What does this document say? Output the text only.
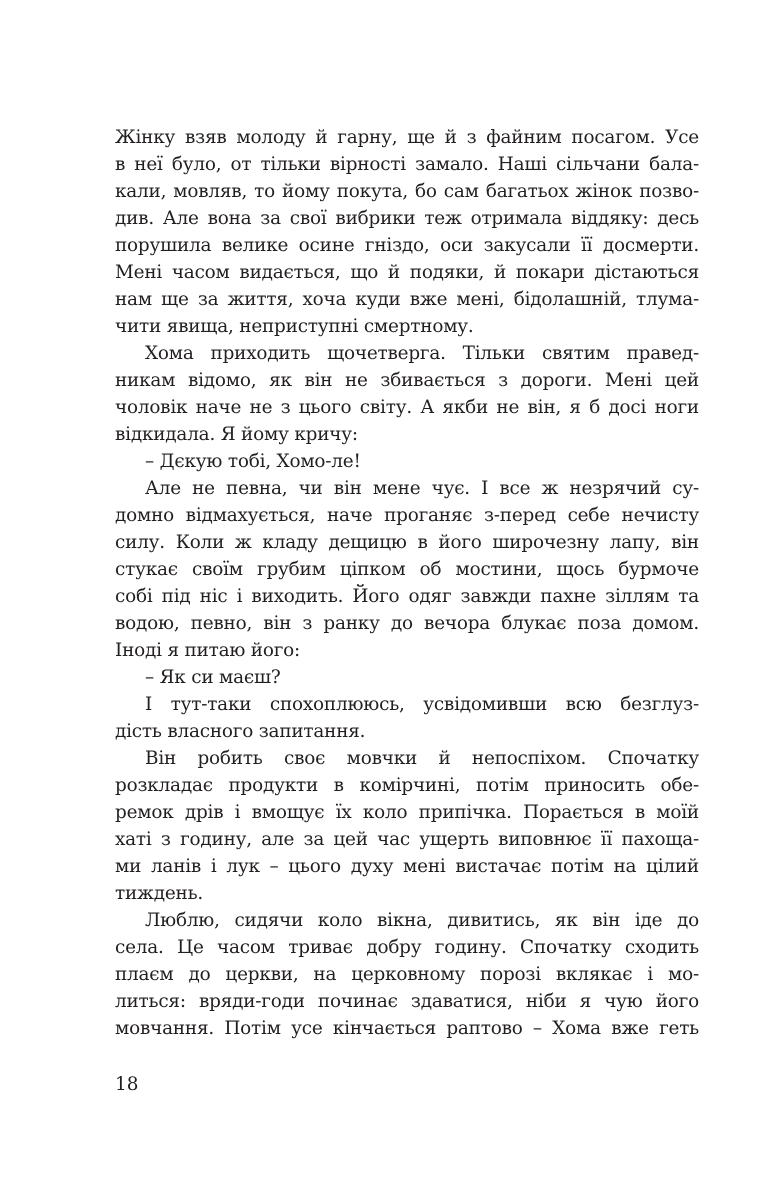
Жінку взяв молоду й гарну, ще й з файним посагом. Усе
в неї було, от тільки вірності замало. Наші сільчани бала-
кали, мовляв, то йому покута, бо сам багатьох жінок позво-
див. Але вона за свої вибрики теж отримала віддяку: десь
порушила велике осине гніздо, оси закусали її досмерти.
Мені часом видається, що й подяки, й покари дістаються
нам ще за життя, хоча куди вже мені, бідолашній, тлума-
чити явища, неприступні смертному.
Хома приходить щочетверга. Тільки святим правед-
никам відомо, як він не збивається з дороги. Мені цей
чоловік наче не з цього світу. А якби не він, я б досі ноги
відкидала. Я йому кричу:
– Дєкую тобі, Хомо-ле!
Але не певна, чи він мене чує. І все ж незрячий су-
домно відмахується, наче проганяє з-перед себе нечисту
силу. Коли ж кладу дещицю в його широчезну лапу, він
стукає своїм грубим ціпком об мостини, щось бурмоче
собі під ніс і виходить. Його одяг завжди пахне зіллям та
водою, певно, він з ранку до вечора блукає поза домом.
Іноді я питаю його:
– Як си маєш?
І тут-таки спохоплююсь, усвідомивши всю безглуз-
дість власного запитання.
Він робить своє мовчки й непоспіхом. Спочатку
розкладає продукти в комірчині, потім приносить обе-
ремок дрів і вмощує їх коло припічка. Порається в моїй
хаті з годину, але за цей час ущерть виповнює її пахоща-
ми ланів і лук – цього духу мені вистачає потім на цілий
тиждень.
Люблю, сидячи коло вікна, дивитись, як він іде до
села. Це часом триває добру годину. Спочатку сходить
плаєм до церкви, на церковному порозі вклякає і мо-
литься: вряди-годи починає здаватися, ніби я чую його
мовчання. Потім усе кінчається раптово – Хома вже геть
18
